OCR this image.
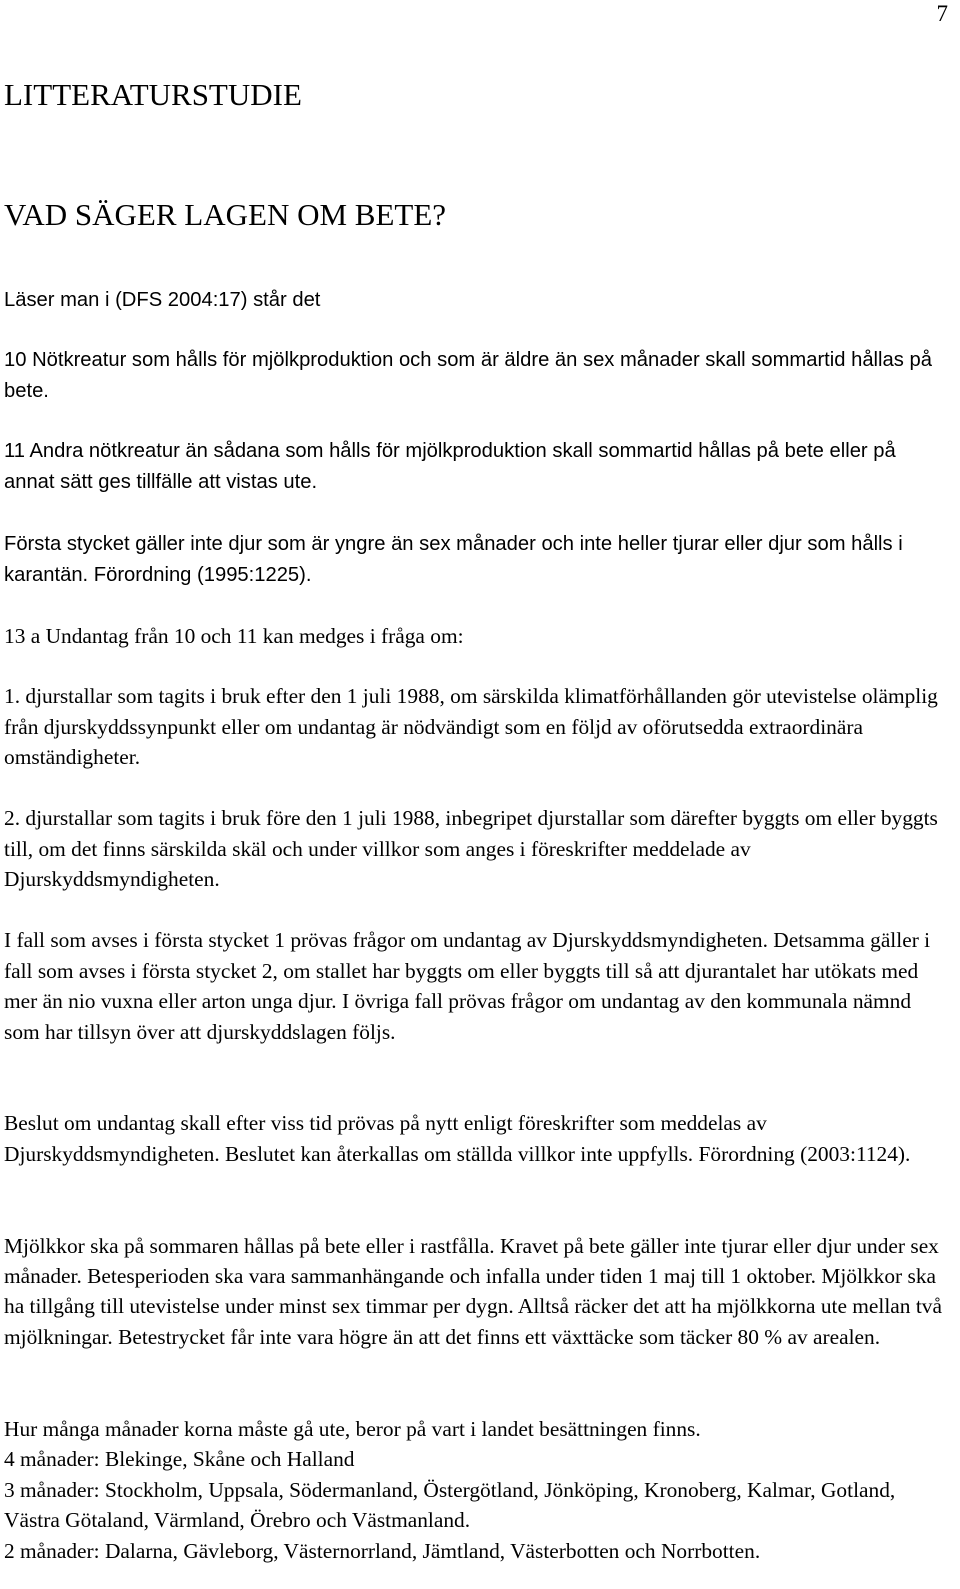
7
LITTERATURSTUDIE
VAD SÄGER LAGEN OM BETE?

Läser man i (DFS 2004:17) står det

10 Nötkreatur som hålls för mjölkproduktion och som är äldre än sex månader skall sommartid hållas på bete.

11 Andra nötkreatur än sådana som hålls för mjölkproduktion skall sommartid hållas på bete eller på annat sätt ges tillfälle att vistas ute.

Första stycket gäller inte djur som är yngre än sex månader och inte heller tjurar eller djur som hålls i karantän. Förordning (1995:1225).

13 a Undantag från 10 och 11 kan medges i fråga om:

1. djurstallar som tagits i bruk efter den 1 juli 1988, om särskilda klimatförhållanden gör utevistelse olämplig från djurskyddssynpunkt eller om undantag är nödvändigt som en följd av oförutsedda extraordinära omständigheter.

2. djurstallar som tagits i bruk före den 1 juli 1988, inbegripet djurstallar som därefter byggts om eller byggts till, om det finns särskilda skäl och under villkor som anges i föreskrifter meddelade av Djurskyddsmyndigheten.

I fall som avses i första stycket 1 prövas frågor om undantag av Djurskyddsmyndigheten. Detsamma gäller i fall som avses i första stycket 2, om stallet har byggts om eller byggts till så att djurantalet har utökats med mer än nio vuxna eller arton unga djur. I övriga fall prövas frågor om undantag av den kommunala nämnd som har tillsyn över att djurskyddslagen följs.

Beslut om undantag skall efter viss tid prövas på nytt enligt föreskrifter som meddelas av Djurskyddsmyndigheten. Beslutet kan återkallas om ställda villkor inte uppfylls. Förordning (2003:1124).

Mjölkkor ska på sommaren hållas på bete eller i rastfålla. Kravet på bete gäller inte tjurar eller djur under sex månader. Betesperioden ska vara sammanhängande och infalla under tiden 1 maj till 1 oktober. Mjölkkor ska ha tillgång till utevistelse under minst sex timmar per dygn. Alltså räcker det att ha mjölkkorna ute mellan två mjölkningar. Betestrycket får inte vara högre än att det finns ett växttäcke som täcker 80 % av arealen.

Hur många månader korna måste gå ute, beror på vart i landet besättningen finns.

4 månader: Blekinge, Skåne och Halland

3 månader: Stockholm, Uppsala, Södermanland, Östergötland, Jönköping, Kronoberg, Kalmar, Gotland, Västra Götaland, Värmland, Örebro och Västmanland.

2 månader: Dalarna, Gävleborg, Västernorrland, Jämtland, Västerbotten och Norrbotten.
